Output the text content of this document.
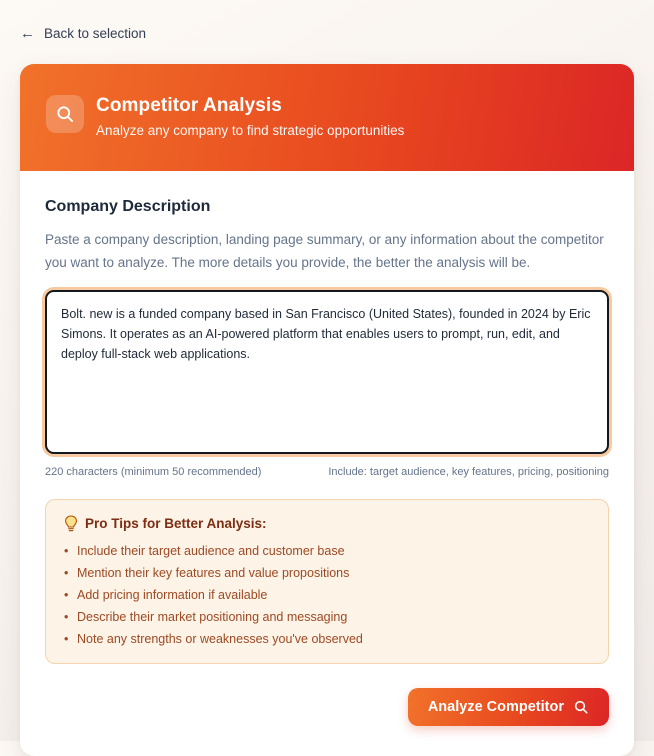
← Back to selection
Competitor Analysis

Analyze any company to find strategic opportunities

Company Description

Paste a company description, landing page summary, or any information about the competitor you want to analyze. The more details you provide, the better the analysis will be.

Bolt. new is a funded company based in San Francisco (United States), founded in 2024 by Eric Simons. It operates as an AI-powered platform that enables users to prompt, run, edit, and deploy full-stack web applications.
220 characters (minimum 50 recommended)	Include: target audience, key features, pricing, positioning
Pro Tips for Better Analysis:
• Include their target audience and customer base
• Mention their key features and value propositions
• Add pricing information if available
• Describe their market positioning and messaging
• Note any strengths or weaknesses you've observed
Analyze Competitor
